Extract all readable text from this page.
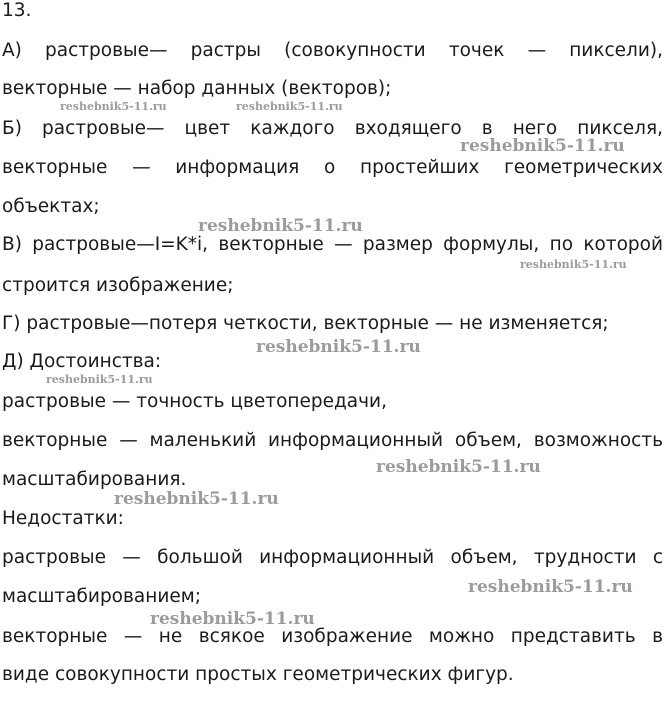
13.
А) растровые— растры (совокупности точек — пиксели),
векторные — набор данных (векторов);
Б) растровые— цвет каждого входящего в него пикселя,
векторные — информация о простейших геометрических
объектах;
В) растровые—I=K*i, векторные — размер формулы, по которой
строится изображение;
Г) растровые—потеря четкости, векторные — не изменяется;
Д) Достоинства:
растровые — точность цветопередачи,
векторные — маленький информационный объем, возможность
масштабирования.
Недостатки:
растровые — большой информационный объем, трудности с
масштабированием;
векторные — не всякое изображение можно представить в
виде совокупности простых геометрических фигур.
reshebnik5-11.ru	reshebnik5-11.ru
reshebnik5-11.ru
reshebnik5-11.ru
reshebnik5-11.ru
reshebnik5-11.ru
reshebnik5-11.ru
reshebnik5-11.ru
reshebnik5-11.ru
reshebnik5-11.ru
reshebnik5-11.ru
